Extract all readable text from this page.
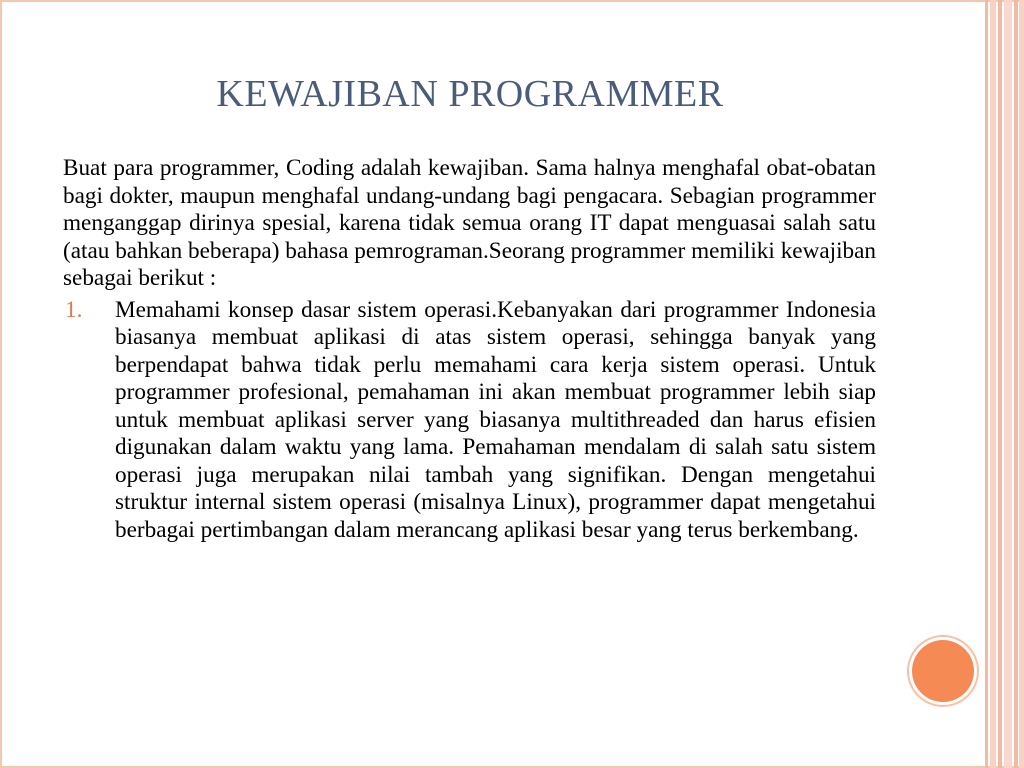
KEWAJIBAN PROGRAMMER

Buat para programmer, Coding adalah kewajiban. Sama halnya menghafal obat-obatan bagi dokter, maupun menghafal undang-undang bagi pengacara. Sebagian programmer menganggap dirinya spesial, karena tidak semua orang IT dapat menguasai salah satu (atau bahkan beberapa) bahasa pemrograman.Seorang programmer memiliki kewajiban sebagai berikut :

1. Memahami konsep dasar sistem operasi.Kebanyakan dari programmer Indonesia biasanya membuat aplikasi di atas sistem operasi, sehingga banyak yang berpendapat bahwa tidak perlu memahami cara kerja sistem operasi. Untuk programmer profesional, pemahaman ini akan membuat programmer lebih siap untuk membuat aplikasi server yang biasanya multithreaded dan harus efisien digunakan dalam waktu yang lama. Pemahaman mendalam di salah satu sistem operasi juga merupakan nilai tambah yang signifikan. Dengan mengetahui struktur internal sistem operasi (misalnya Linux), programmer dapat mengetahui berbagai pertimbangan dalam merancang aplikasi besar yang terus berkembang.
